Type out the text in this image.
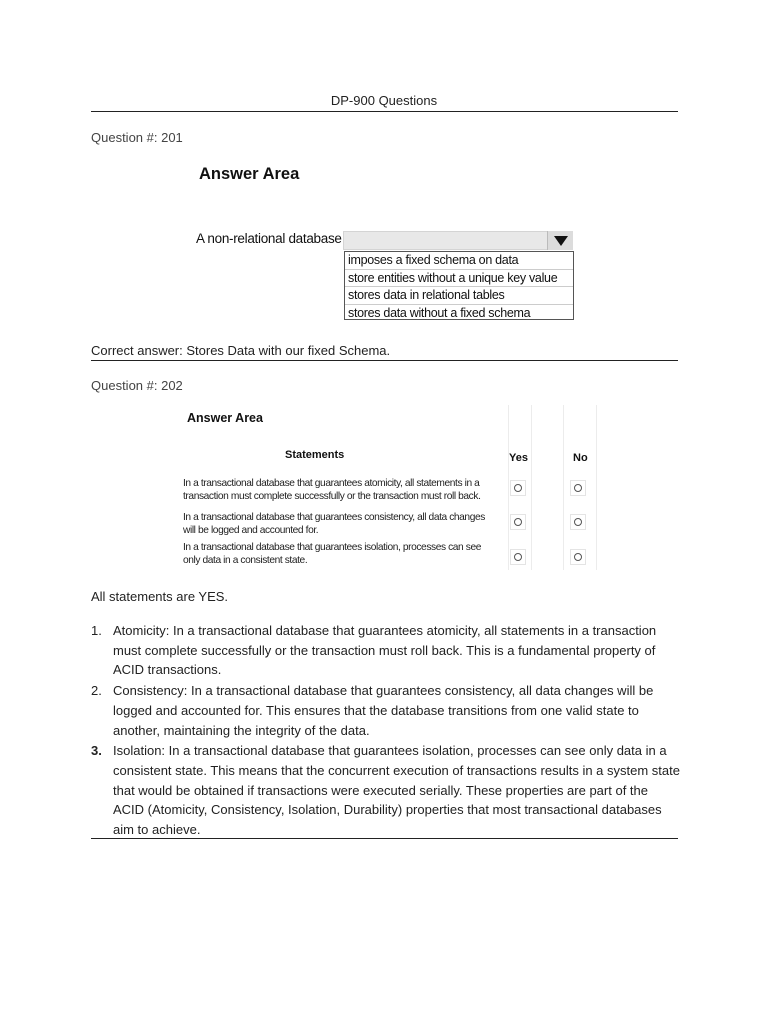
DP-900 Questions
Question #: 201
Answer Area
A non-relational database
imposes a fixed schema on data
store entities without a unique key value
stores data in relational tables
stores data without a fixed schema
Correct answer: Stores Data with our fixed Schema.
Question #: 202
Answer Area
Statements	Yes	No
In a transactional database that guarantees atomicity, all statements in a
transaction must complete successfully or the transaction must roll back.
In a transactional database that guarantees consistency, all data changes
will be logged and accounted for.
In a transactional database that guarantees isolation, processes can see
only data in a consistent state.
All statements are YES.
1. Atomicity: In a transactional database that guarantees atomicity, all statements in a transaction must complete successfully or the transaction must roll back. This is a fundamental property of ACID transactions.
2. Consistency: In a transactional database that guarantees consistency, all data changes will be logged and accounted for. This ensures that the database transitions from one valid state to another, maintaining the integrity of the data.
3. Isolation: In a transactional database that guarantees isolation, processes can see only data in a consistent state. This means that the concurrent execution of transactions results in a system state that would be obtained if transactions were executed serially. These properties are part of the ACID (Atomicity, Consistency, Isolation, Durability) properties that most transactional databases aim to achieve.
